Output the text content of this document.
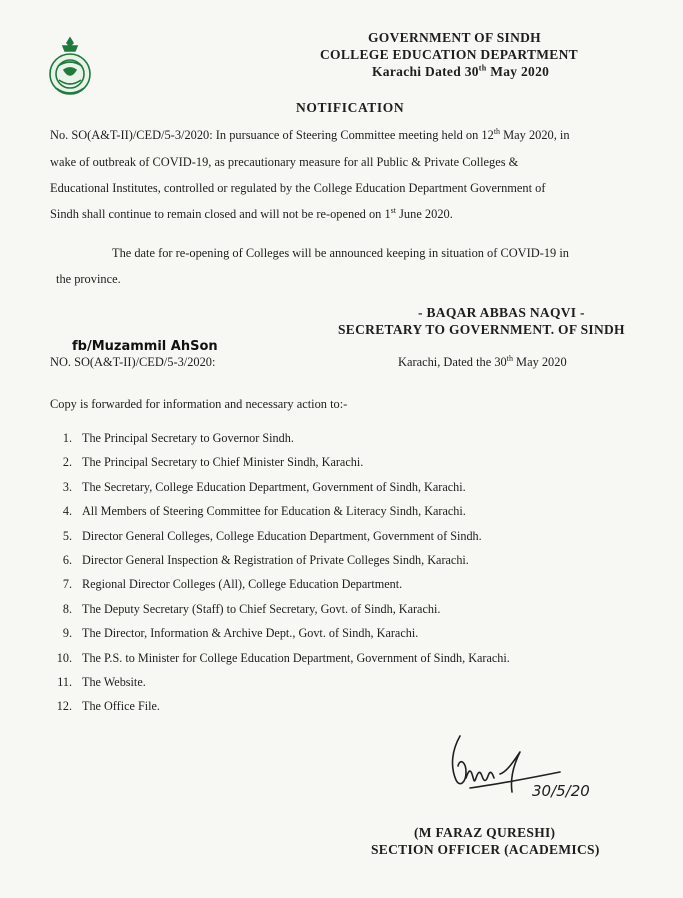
GOVERNMENT OF SINDH
COLLEGE EDUCATION DEPARTMENT
Karachi Dated 30th May 2020
NOTIFICATION
No. SO(A&T-II)/CED/5-3/2020: In pursuance of Steering Committee meeting held on 12th May 2020, in
wake of outbreak of COVID-19, as precautionary measure for all Public & Private Colleges &
Educational Institutes, controlled or regulated by the College Education Department Government of
Sindh shall continue to remain closed and will not be re-opened on 1st June 2020.
The date for re-opening of Colleges will be announced keeping in situation of COVID-19 in
the province.
- BAQAR ABBAS NAQVI -
SECRETARY TO GOVERNMENT. OF SINDH
fb/Muzammil AhSon
NO. SO(A&T-II)/CED/5-3/2020:	Karachi, Dated the 30th May 2020
Copy is forwarded for information and necessary action to:-
1. The Principal Secretary to Governor Sindh.
2. The Principal Secretary to Chief Minister Sindh, Karachi.
3. The Secretary, College Education Department, Government of Sindh, Karachi.
4. All Members of Steering Committee for Education & Literacy Sindh, Karachi.
5. Director General Colleges, College Education Department, Government of Sindh.
6. Director General Inspection & Registration of Private Colleges Sindh, Karachi.
7. Regional Director Colleges (All), College Education Department.
8. The Deputy Secretary (Staff) to Chief Secretary, Govt. of Sindh, Karachi.
9. The Director, Information & Archive Dept., Govt. of Sindh, Karachi.
10. The P.S. to Minister for College Education Department, Government of Sindh, Karachi.
11. The Website.
12. The Office File.
30/5/20
(M FARAZ QURESHI)
SECTION OFFICER (ACADEMICS)
